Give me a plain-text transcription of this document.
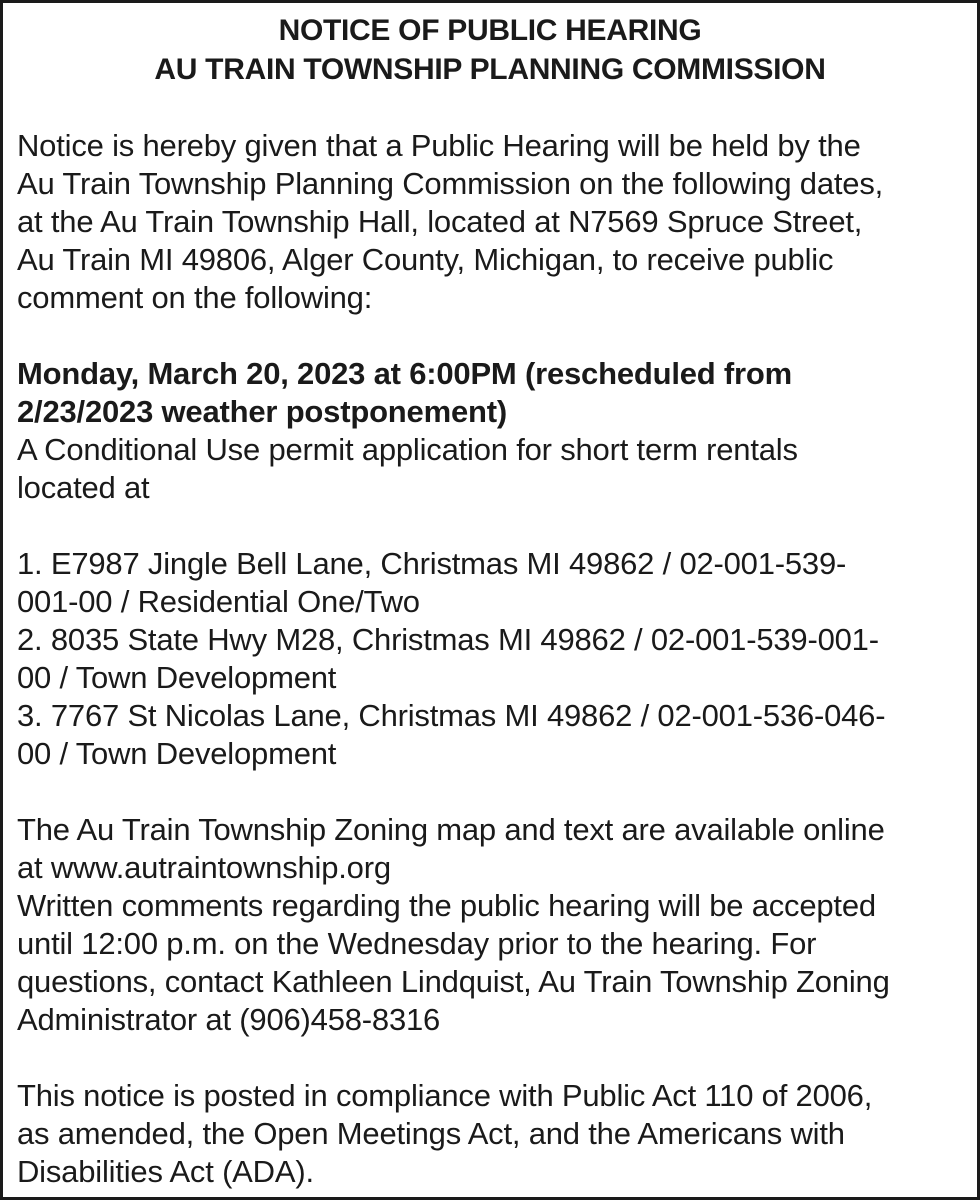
NOTICE OF PUBLIC HEARING
AU TRAIN TOWNSHIP PLANNING COMMISSION

Notice is hereby given that a Public Hearing will be held by the
Au Train Township Planning Commission on the following dates,
at the Au Train Township Hall, located at N7569 Spruce Street,
Au Train MI 49806, Alger County, Michigan, to receive public
comment on the following:

Monday, March 20, 2023 at 6:00PM (rescheduled from
2/23/2023 weather postponement)

A Conditional Use permit application for short term rentals
located at

1. E7987 Jingle Bell Lane, Christmas MI 49862 / 02-001-539-
001-00 / Residential One/Two
2. 8035 State Hwy M28, Christmas MI 49862 / 02-001-539-001-
00 / Town Development
3. 7767 St Nicolas Lane, Christmas MI 49862 / 02-001-536-046-
00 / Town Development

The Au Train Township Zoning map and text are available online
at www.autraintownship.org

Written comments regarding the public hearing will be accepted
until 12:00 p.m. on the Wednesday prior to the hearing. For
questions, contact Kathleen Lindquist, Au Train Township Zoning
Administrator at (906)458-8316

This notice is posted in compliance with Public Act 110 of 2006,
as amended, the Open Meetings Act, and the Americans with
Disabilities Act (ADA).
